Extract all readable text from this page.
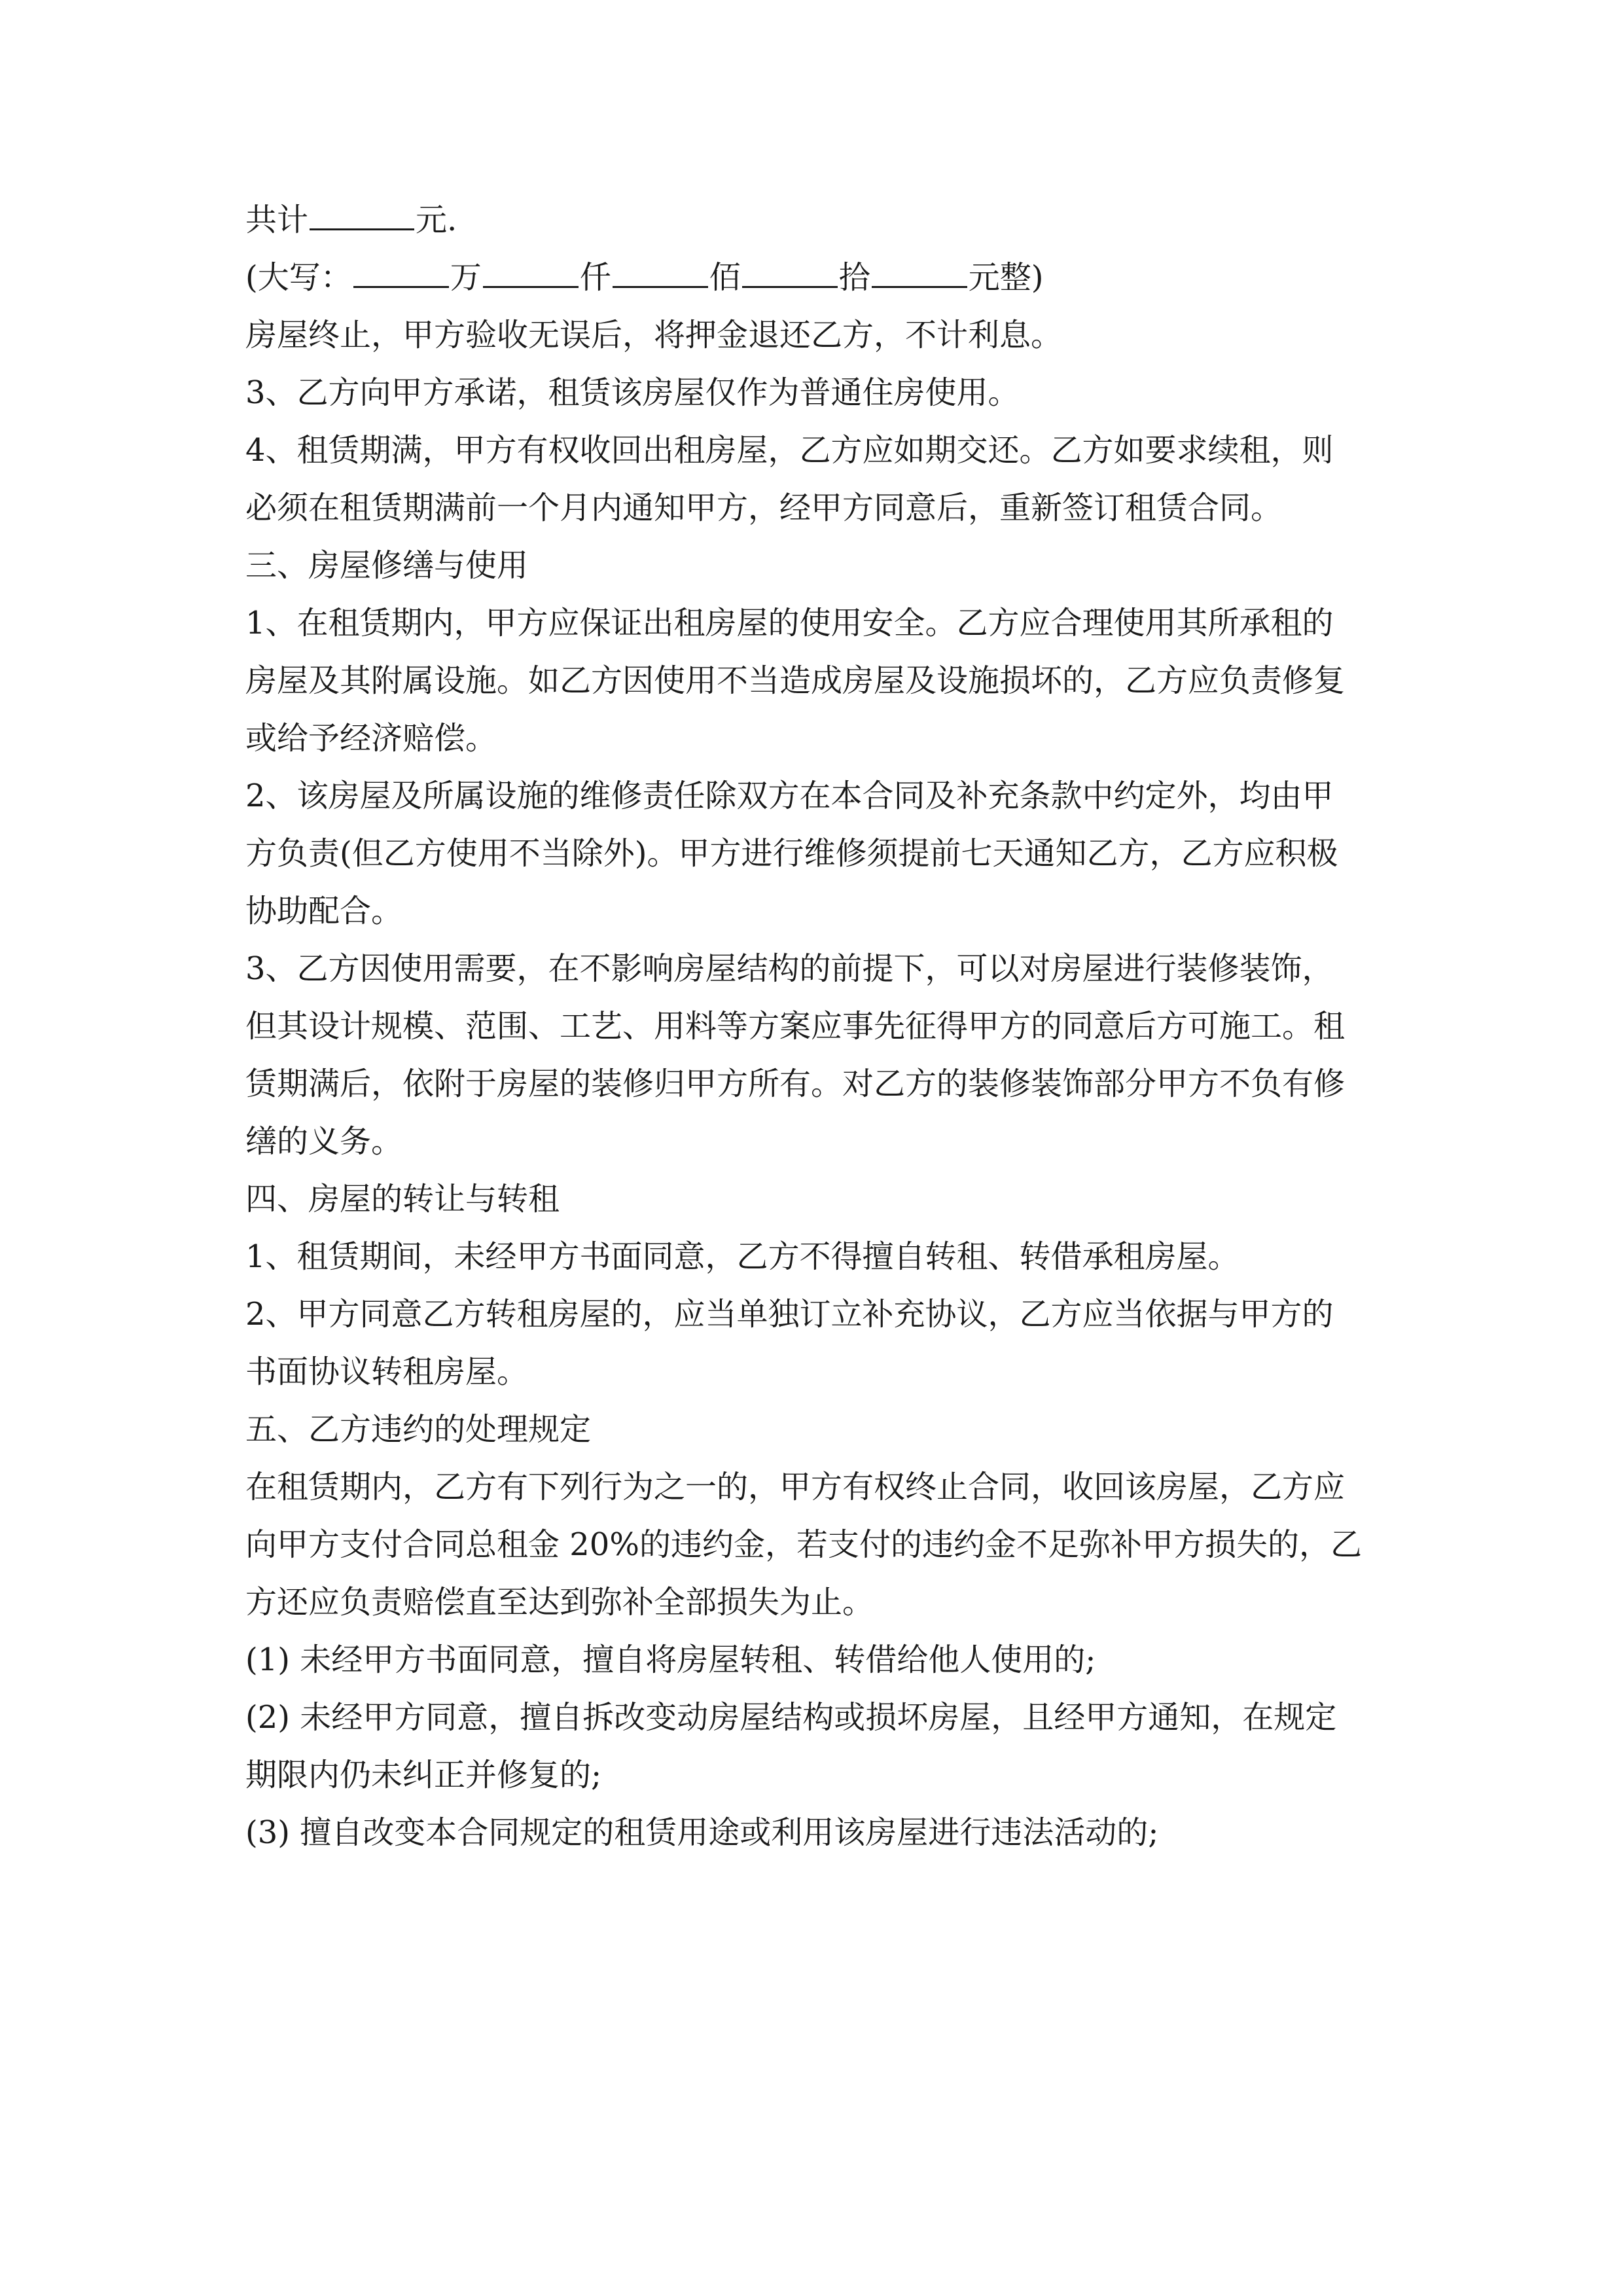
共计	元.
(大写：	万	仟	佰	拾	元整)
房屋终止，甲方验收无误后，将押金退还乙方，不计利息。
3、乙方向甲方承诺，租赁该房屋仅作为普通住房使用。
4、租赁期满，甲方有权收回出租房屋，乙方应如期交还。乙方如要求续租，则
必须在租赁期满前一个月内通知甲方，经甲方同意后，重新签订租赁合同。
三、房屋修缮与使用
1、在租赁期内，甲方应保证出租房屋的使用安全。乙方应合理使用其所承租的
房屋及其附属设施。如乙方因使用不当造成房屋及设施损坏的，乙方应负责修复
或给予经济赔偿。
2、该房屋及所属设施的维修责任除双方在本合同及补充条款中约定外，均由甲
方负责(但乙方使用不当除外)。甲方进行维修须提前七天通知乙方，乙方应积极
协助配合。
3、乙方因使用需要，在不影响房屋结构的前提下，可以对房屋进行装修装饰，
但其设计规模、范围、工艺、用料等方案应事先征得甲方的同意后方可施工。租
赁期满后，依附于房屋的装修归甲方所有。对乙方的装修装饰部分甲方不负有修
缮的义务。
四、房屋的转让与转租
1、租赁期间，未经甲方书面同意，乙方不得擅自转租、转借承租房屋。
2、甲方同意乙方转租房屋的，应当单独订立补充协议，乙方应当依据与甲方的
书面协议转租房屋。
五、乙方违约的处理规定
在租赁期内，乙方有下列行为之一的，甲方有权终止合同，收回该房屋，乙方应
向甲方支付合同总租金 20%的违约金，若支付的违约金不足弥补甲方损失的，乙
方还应负责赔偿直至达到弥补全部损失为止。
(1) 未经甲方书面同意，擅自将房屋转租、转借给他人使用的;
(2) 未经甲方同意，擅自拆改变动房屋结构或损坏房屋，且经甲方通知，在规定
期限内仍未纠正并修复的;
(3) 擅自改变本合同规定的租赁用途或利用该房屋进行违法活动的;
